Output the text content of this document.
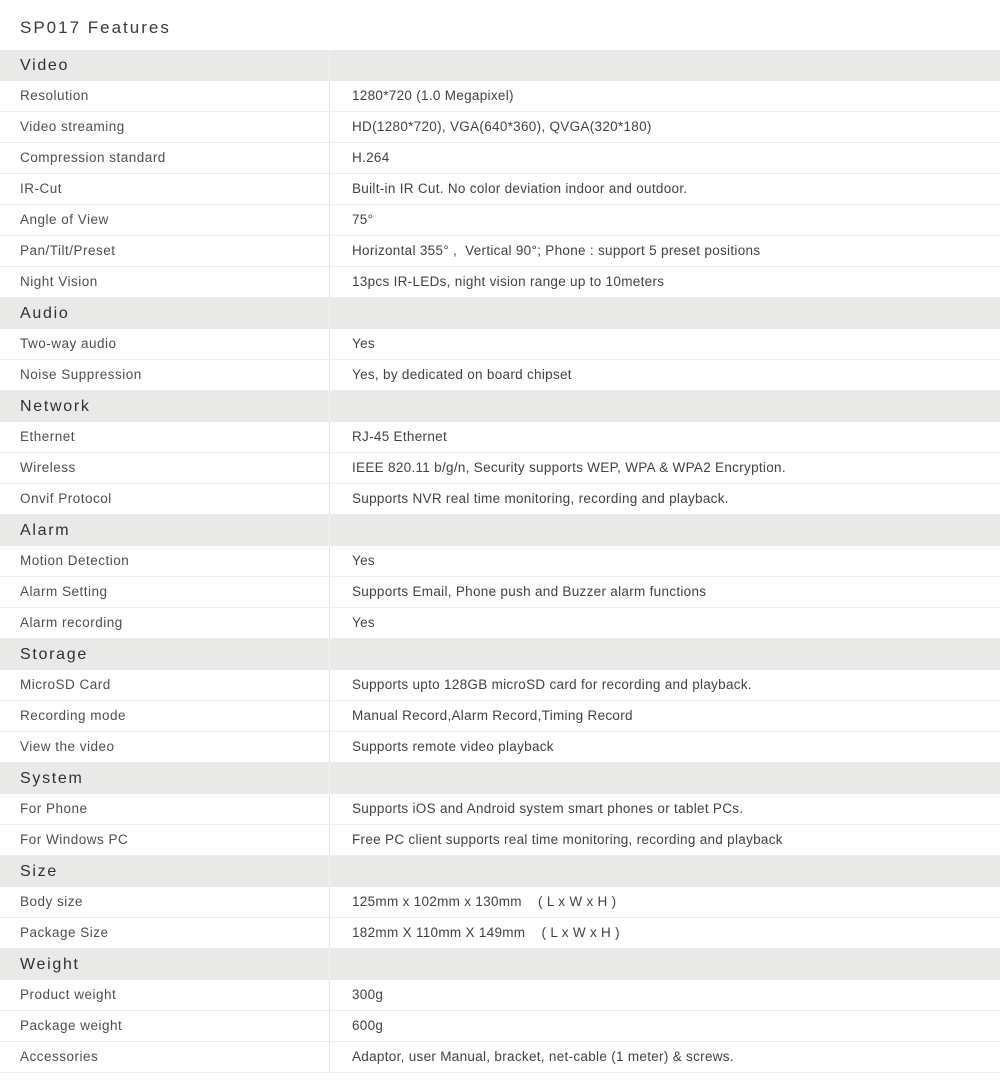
SP017 Features
Video
Resolution	1280*720 (1.0 Megapixel)
Video streaming	HD(1280*720), VGA(640*360), QVGA(320*180)
Compression standard	H.264
IR-Cut	Built-in IR Cut. No color deviation indoor and outdoor.
Angle of View	75°
Pan/Tilt/Preset	Horizontal 355° ,  Vertical 90°; Phone : support 5 preset positions
Night Vision	13pcs IR-LEDs, night vision range up to 10meters
Audio
Two-way audio	Yes
Noise Suppression	Yes, by dedicated on board chipset
Network
Ethernet	RJ-45 Ethernet
Wireless	IEEE 820.11 b/g/n, Security supports WEP, WPA & WPA2 Encryption.
Onvif Protocol	Supports NVR real time monitoring, recording and playback.
Alarm
Motion Detection	Yes
Alarm Setting	Supports Email, Phone push and Buzzer alarm functions
Alarm recording	Yes
Storage
MicroSD Card	Supports upto 128GB microSD card for recording and playback.
Recording mode	Manual Record,Alarm Record,Timing Record
View the video	Supports remote video playback
System
For Phone	Supports iOS and Android system smart phones or tablet PCs.
For Windows PC	Free PC client supports real time monitoring, recording and playback
Size
Body size	125mm x 102mm x 130mm    ( L x W x H )
Package Size	182mm X 110mm X 149mm    ( L x W x H )
Weight
Product weight	300g
Package weight	600g
Accessories	Adaptor, user Manual, bracket, net-cable (1 meter) & screws.
